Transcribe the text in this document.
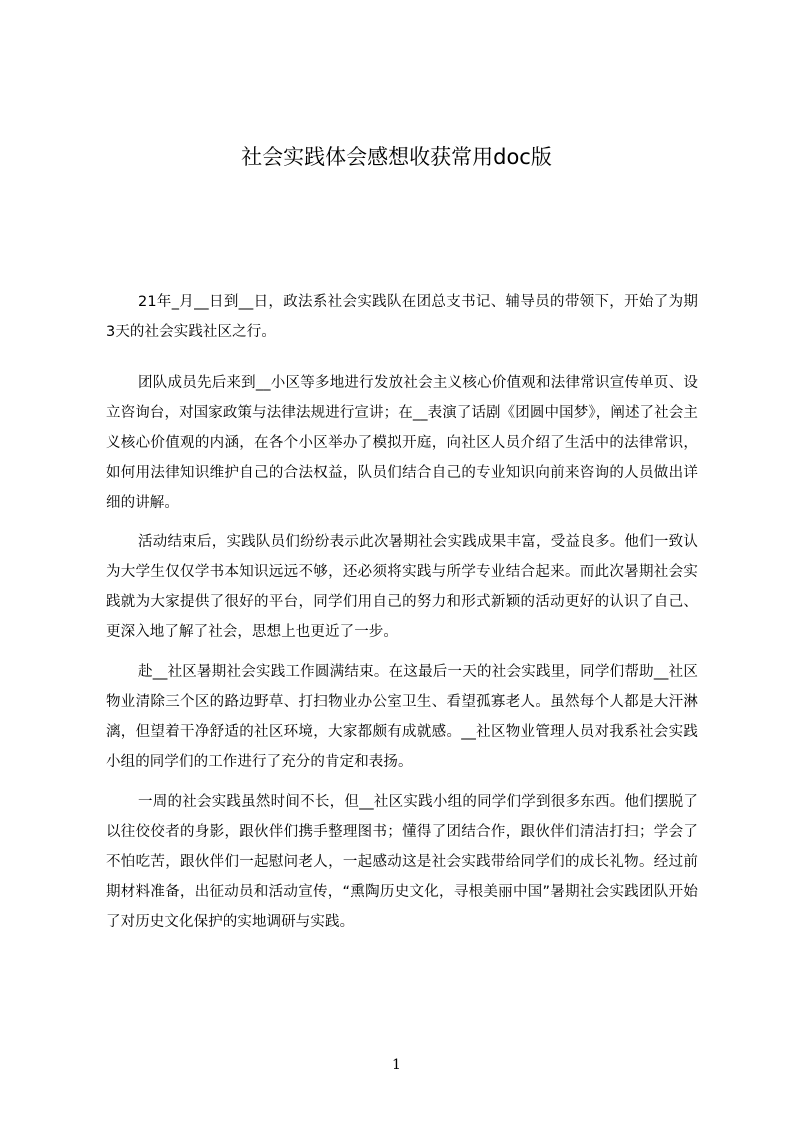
社会实践体会感想收获常用doc版

21年_月__日到__日，政法系社会实践队在团总支书记、辅导员的带领下，开始了为期3天的社会实践社区之行。

团队成员先后来到__小区等多地进行发放社会主义核心价值观和法律常识宣传单页、设立咨询台，对国家政策与法律法规进行宣讲；在__表演了话剧《团圆中国梦》，阐述了社会主义核心价值观的内涵，在各个小区举办了模拟开庭，向社区人员介绍了生活中的法律常识，如何用法律知识维护自己的合法权益，队员们结合自己的专业知识向前来咨询的人员做出详细的讲解。

活动结束后，实践队员们纷纷表示此次暑期社会实践成果丰富，受益良多。他们一致认为大学生仅仅学书本知识远远不够，还必须将实践与所学专业结合起来。而此次暑期社会实践就为大家提供了很好的平台，同学们用自己的努力和形式新颖的活动更好的认识了自己、更深入地了解了社会，思想上也更近了一步。

赴__社区暑期社会实践工作圆满结束。在这最后一天的社会实践里，同学们帮助__社区物业清除三个区的路边野草、打扫物业办公室卫生、看望孤寡老人。虽然每个人都是大汗淋漓，但望着干净舒适的社区环境，大家都颇有成就感。__社区物业管理人员对我系社会实践小组的同学们的工作进行了充分的肯定和表扬。

一周的社会实践虽然时间不长，但__社区实践小组的同学们学到很多东西。他们摆脱了以往佼佼者的身影，跟伙伴们携手整理图书；懂得了团结合作，跟伙伴们清洁打扫；学会了不怕吃苦，跟伙伴们一起慰问老人，一起感动这是社会实践带给同学们的成长礼物。经过前期材料准备，出征动员和活动宣传，“熏陶历史文化，寻根美丽中国”暑期社会实践团队开始了对历史文化保护的实地调研与实践。

1
